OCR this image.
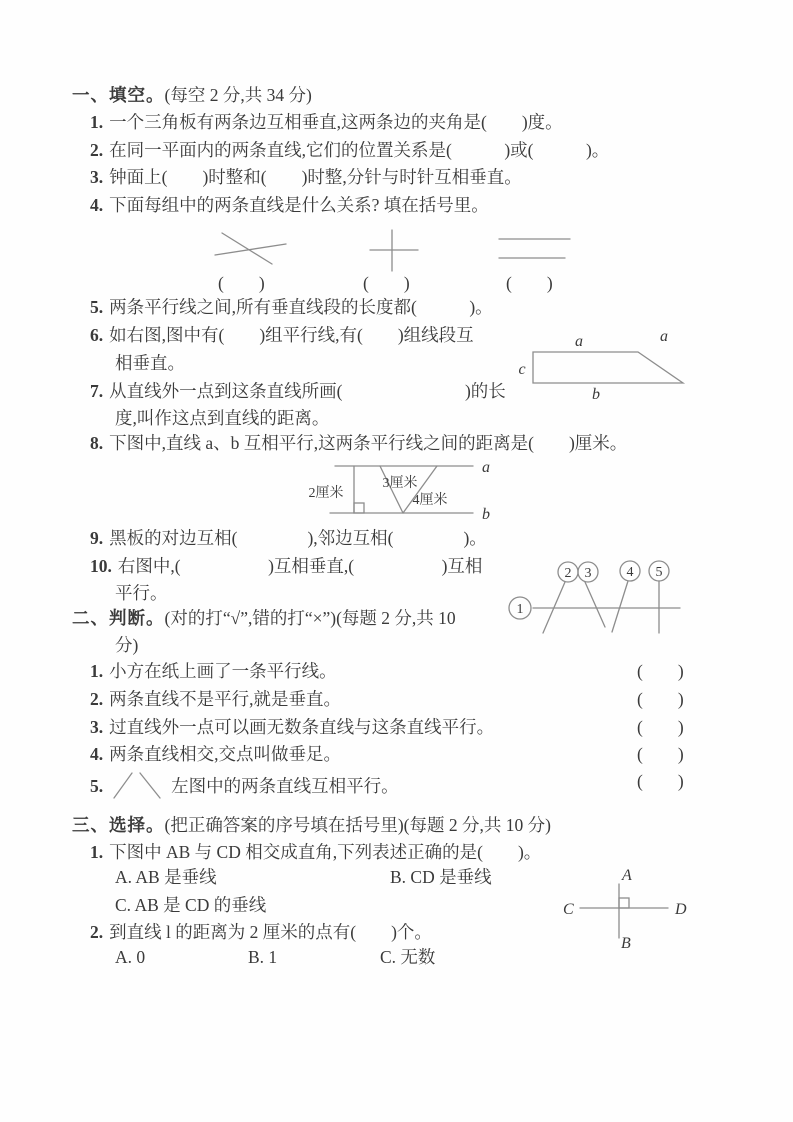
一、填空。(每空 2 分,共 34 分)
1. 一个三角板有两条边互相垂直,这两条边的夹角是(　　)度。
2. 在同一平面内的两条直线,它们的位置关系是(　　　)或(　　　)。
3. 钟面上(　　)时整和(　　)时整,分针与时针互相垂直。
4. 下面每组中的两条直线是什么关系? 填在括号里。
(　　)	(　　)	(　　)
5. 两条平行线之间,所有垂直线段的长度都(　　　)。
6. 如右图,图中有(　　)组平行线,有(　　)组线段互
相垂直。
a	a
c
b
7. 从直线外一点到这条直线所画(　　　　　　　)的长
度,叫作这点到直线的距离。
8. 下图中,直线 a、b 互相平行,这两条平行线之间的距离是(　　)厘米。
a
b
2厘米
3厘米
4厘米
9. 黑板的对边互相(　　　　),邻边互相(　　　　)。
10. 右图中,(　　　　　)互相垂直,(　　　　　)互相
平行。
1
2 3	4 5
二、判断。(对的打“√”,错的打“×”)(每题 2 分,共 10
分)
1. 小方在纸上画了一条平行线。	(　　)
2. 两条直线不是平行,就是垂直。	(　　)
3. 过直线外一点可以画无数条直线与这条直线平行。	(　　)
4. 两条直线相交,交点叫做垂足。	(　　)
5.	左图中的两条直线互相平行。	(　　)
三、选择。(把正确答案的序号填在括号里)(每题 2 分,共 10 分)
1. 下图中 AB 与 CD 相交成直角,下列表述正确的是(　　)。
A. AB 是垂线	B. CD 是垂线
C. AB 是 CD 的垂线
A
B
C	D
2. 到直线 l 的距离为 2 厘米的点有(　　)个。
A. 0	B. 1	C. 无数
